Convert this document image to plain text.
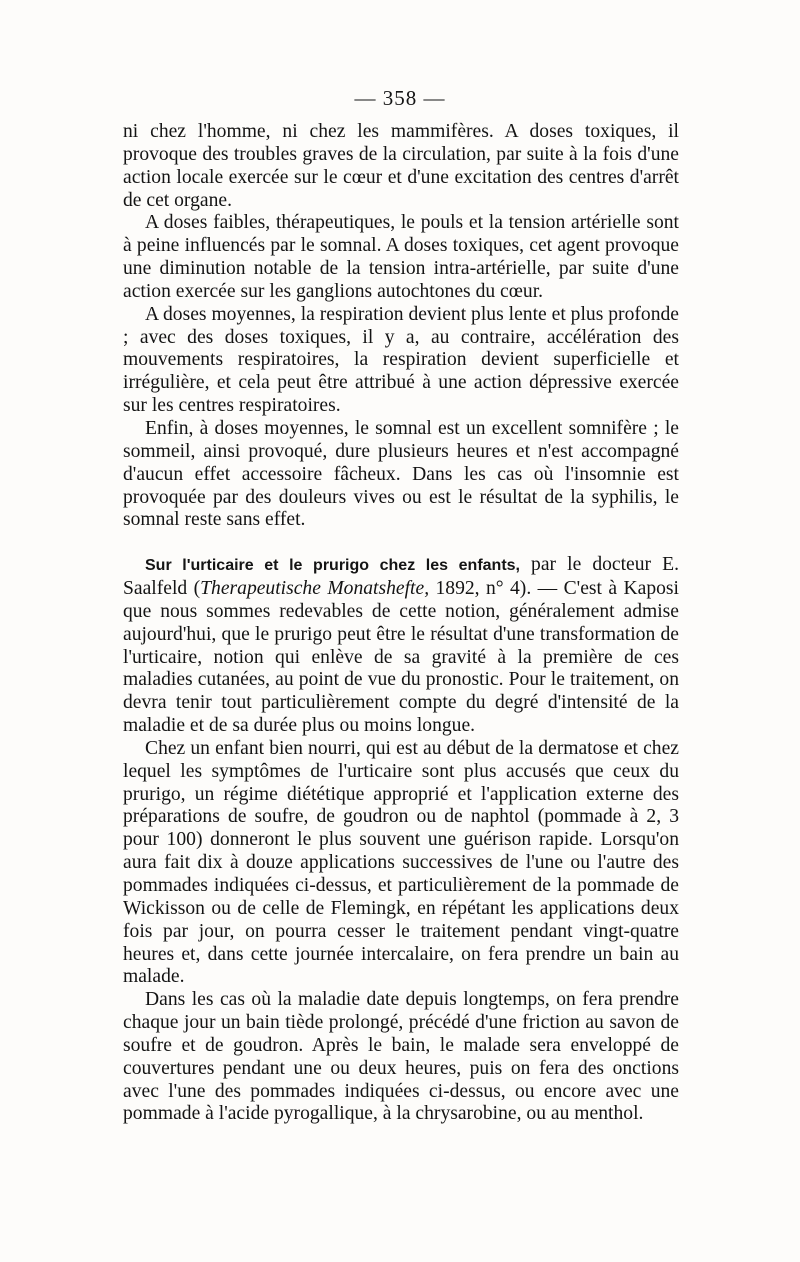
— 358 —

ni chez l'homme, ni chez les mammifères. A doses toxiques, il provoque des troubles graves de la circulation, par suite à la fois d'une action locale exercée sur le cœur et d'une excitation des centres d'arrêt de cet organe.

A doses faibles, thérapeutiques, le pouls et la tension artérielle sont à peine influencés par le somnal. A doses toxiques, cet agent provoque une diminution notable de la tension intra-artérielle, par suite d'une action exercée sur les ganglions autochtones du cœur.

A doses moyennes, la respiration devient plus lente et plus profonde ; avec des doses toxiques, il y a, au contraire, accélération des mouvements respiratoires, la respiration devient superficielle et irrégulière, et cela peut être attribué à une action dépressive exercée sur les centres respiratoires.

Enfin, à doses moyennes, le somnal est un excellent somnifère ; le sommeil, ainsi provoqué, dure plusieurs heures et n'est accompagné d'aucun effet accessoire fâcheux. Dans les cas où l'insomnie est provoquée par des douleurs vives ou est le résultat de la syphilis, le somnal reste sans effet.

Sur l'urticaire et le prurigo chez les enfants, par le docteur E. Saalfeld (Therapeutische Monatshefte, 1892, n° 4). — C'est à Kaposi que nous sommes redevables de cette notion, généralement admise aujourd'hui, que le prurigo peut être le résultat d'une transformation de l'urticaire, notion qui enlève de sa gravité à la première de ces maladies cutanées, au point de vue du pronostic. Pour le traitement, on devra tenir tout particulièrement compte du degré d'intensité de la maladie et de sa durée plus ou moins longue.

Chez un enfant bien nourri, qui est au début de la dermatose et chez lequel les symptômes de l'urticaire sont plus accusés que ceux du prurigo, un régime diététique approprié et l'application externe des préparations de soufre, de goudron ou de naphtol (pommade à 2, 3 pour 100) donneront le plus souvent une guérison rapide. Lorsqu'on aura fait dix à douze applications successives de l'une ou l'autre des pommades indiquées ci-dessus, et particulièrement de la pommade de Wickisson ou de celle de Flemingk, en répétant les applications deux fois par jour, on pourra cesser le traitement pendant vingt-quatre heures et, dans cette journée intercalaire, on fera prendre un bain au malade.

Dans les cas où la maladie date depuis longtemps, on fera prendre chaque jour un bain tiède prolongé, précédé d'une friction au savon de soufre et de goudron. Après le bain, le malade sera enveloppé de couvertures pendant une ou deux heures, puis on fera des onctions avec l'une des pommades indiquées ci-dessus, ou encore avec une pommade à l'acide pyrogallique, à la chrysarobine, ou au menthol.
